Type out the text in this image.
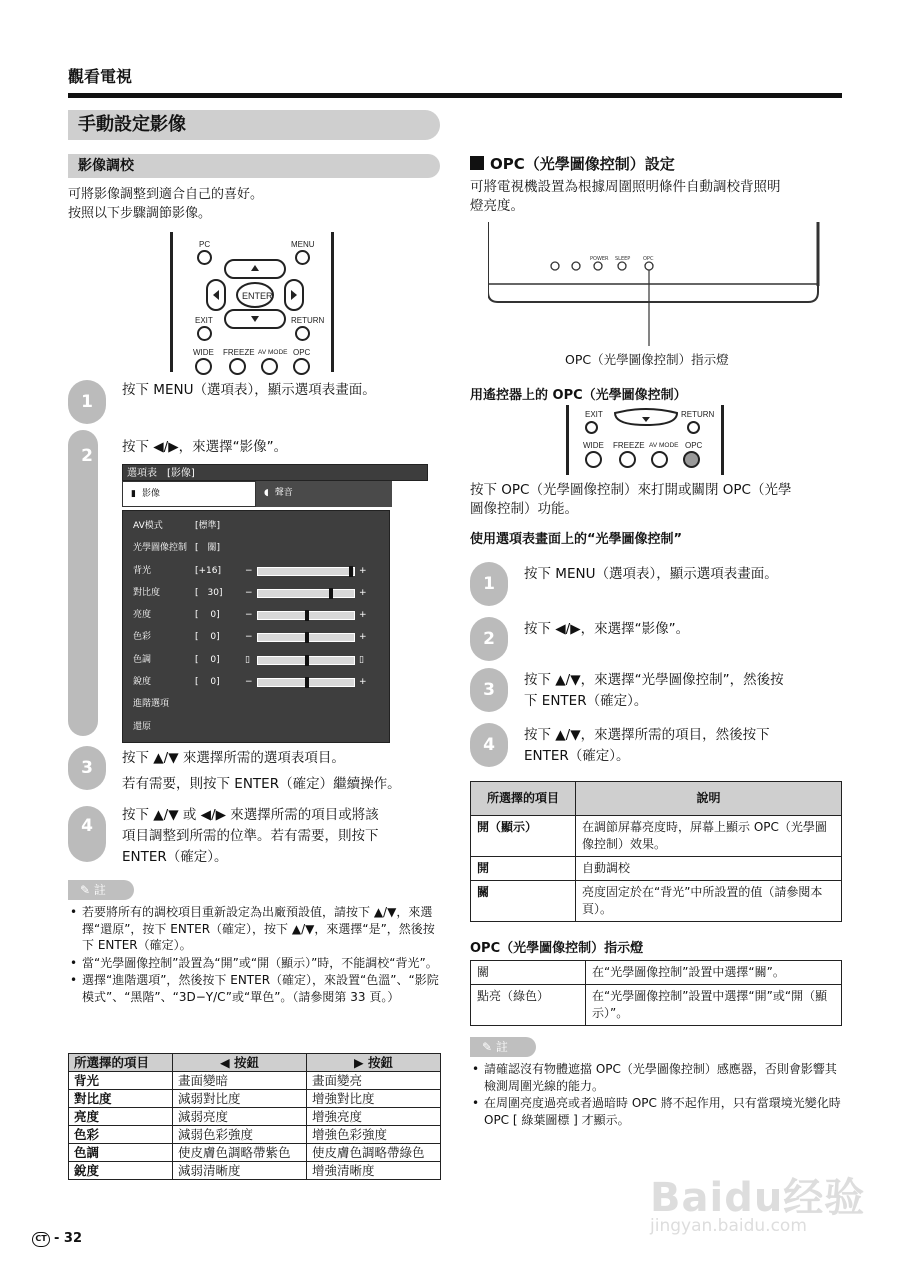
觀看電視
手動設定影像
影像調校
可將影像調整到適合自己的喜好。
按照以下步驟調節影像。
PC	MENU
ENTER
EXIT	RETURN
WIDE FREEZE AV MODE OPC
1
按下 MENU（選項表），顯示選項表畫面。
2	按下 ◀/▶，來選擇“影像”。
選項表　[影像]
▮ 影像	◖ 聲音
AV模式	[標準]
光學圖像控制 [　關]
背光	[+16]	−	+
對比度	[　30]	−	+
亮度	[　 0]	−	+
色彩	[　 0]	−	+
色調	[　 0]	▯	▯
銳度	[　 0]	−	+
進階選項
還原
3	按下 ▲/▼ 來選擇所需的選項表項目。
若有需要，則按下 ENTER（確定）繼續操作。
4
按下 ▲/▼ 或 ◀/▶ 來選擇所需的項目或將該
項目調整到所需的位準。若有需要，則按下
ENTER（確定）。
✎ 註
• 若要將所有的調校項目重新設定為出廠預設值，請按下 ▲/▼，來選擇“還原”，按下 ENTER（確定），按下 ▲/▼，來選擇“是”，然後按下 ENTER（確定）。
• 當“光學圖像控制”設置為“開”或“開（顯示）”時，不能調校“背光”。
• 選擇“進階選項”，然後按下 ENTER（確定），來設置“色溫”、“影院模式”、“黑階”、“3D−Y/C”或“單色”。（請參閱第 33 頁。）
所選擇的項目	◀ 按鈕	▶ 按鈕
背光	畫面變暗	畫面變亮
對比度	減弱對比度	增強對比度
亮度	減弱亮度	增強亮度
色彩	減弱色彩強度	增強色彩強度
色調	使皮膚色調略帶紫色	使皮膚色調略帶綠色
銳度	減弱清晰度	增強清晰度
CT - 32
OPC（光學圖像控制）設定
可將電視機設置為根據周圍照明條件自動調校背照明
燈亮度。
POWER SLEEP	OPC
OPC（光學圖像控制）指示燈
用遙控器上的 OPC（光學圖像控制）
EXIT	RETURN
WIDE FREEZE AV MODE OPC
按下 OPC（光學圖像控制）來打開或關閉 OPC（光學
圖像控制）功能。
使用選項表畫面上的“光學圖像控制”
1	按下 MENU（選項表），顯示選項表畫面。
2	按下 ◀/▶，來選擇“影像”。
3	按下 ▲/▼，來選擇“光學圖像控制”，然後按
下 ENTER（確定）。
4	按下 ▲/▼，來選擇所需的項目，然後按下
ENTER（確定）。
所選擇的項目	說明
開（顯示）	在調節屏幕亮度時，屏幕上顯示 OPC（光學圖像控制）效果。
開	自動調校
關	亮度固定於在“背光”中所設置的值（請參閱本頁）。
OPC（光學圖像控制）指示燈
關	在“光學圖像控制”設置中選擇“關”。
點亮（綠色）	在“光學圖像控制”設置中選擇“開”或“開（顯示）”。
✎ 註
• 請確認沒有物體遮擋 OPC（光學圖像控制）感應器，否則會影響其檢測周圍光線的能力。
• 在周圍亮度過亮或者過暗時 OPC 將不起作用，只有當環境光變化時 OPC [ 綠葉圖標 ] 才顯示。
Baidu经验
jingyan.baidu.com
